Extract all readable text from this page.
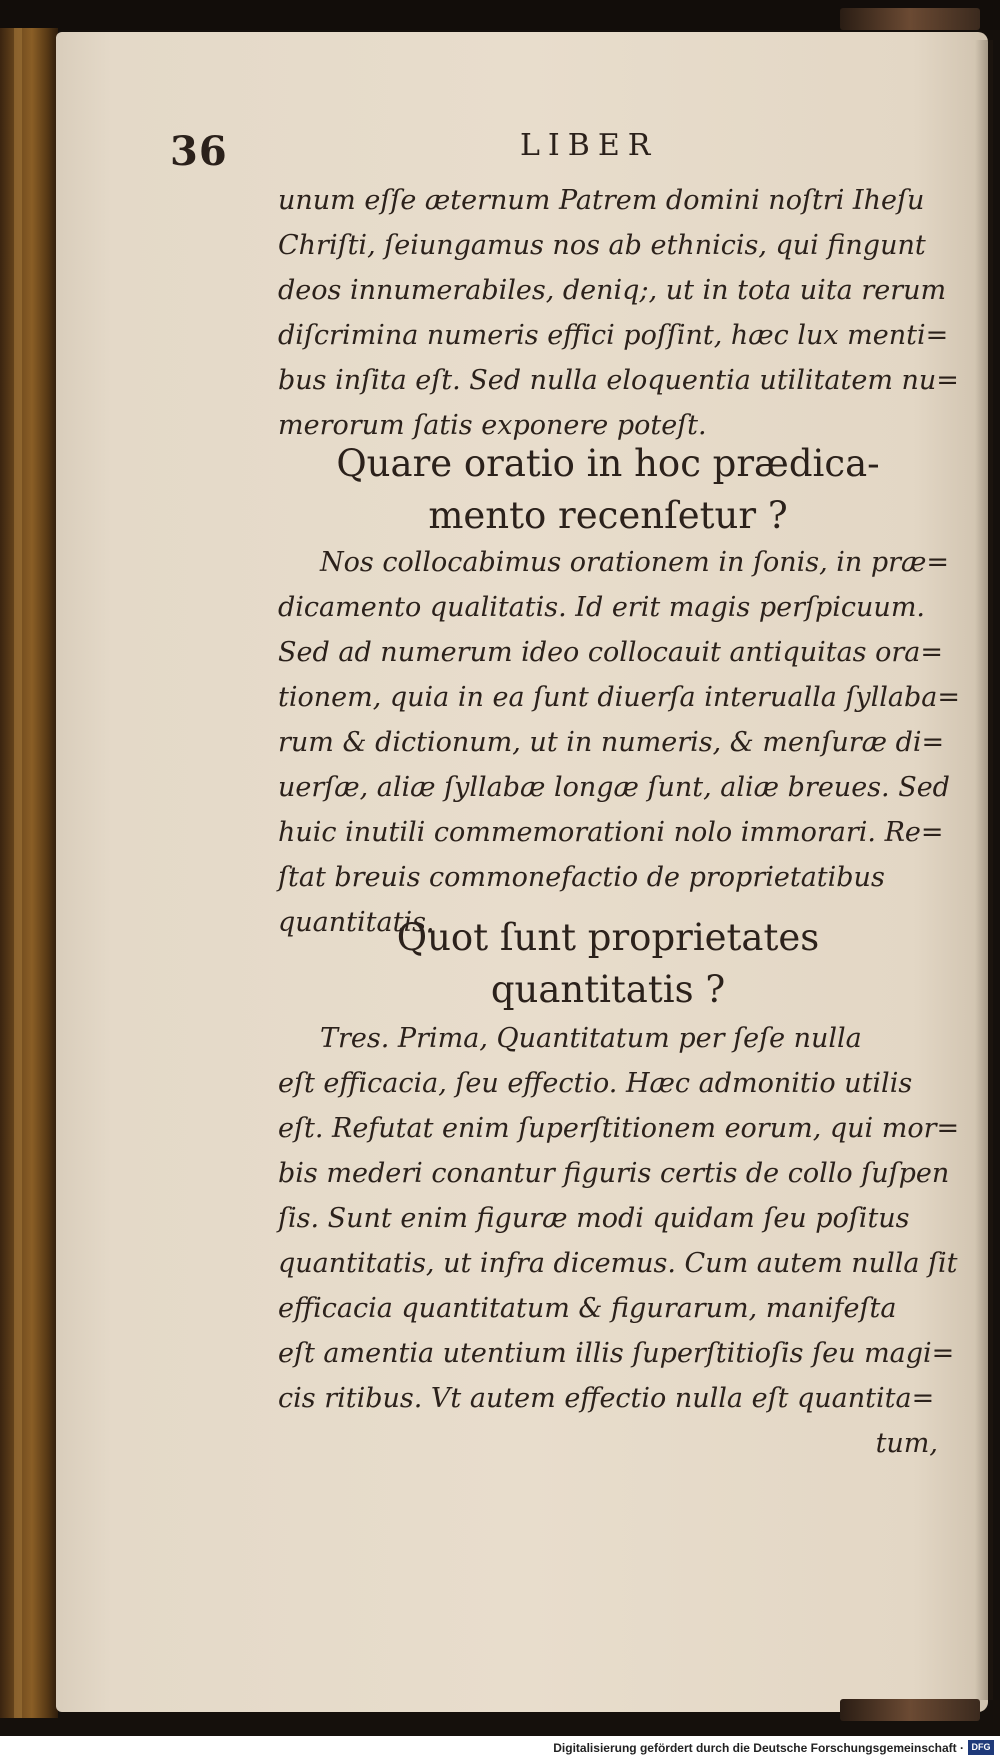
36	LIBER
unum eſſe æternum Patrem domini noſtri Iheſu
Chriſti, ſeiungamus nos ab ethnicis, qui fingunt
deos innumerabiles, deniq;, ut in tota uita rerum
diſcrimina numeris effici poſſint, hæc lux menti=
bus inſita eſt. Sed nulla eloquentia utilitatem nu=
merorum ſatis exponere poteſt.
Quare oratio in hoc prædica-
mento recenſetur ?
Nos collocabimus orationem in ſonis, in præ=
dicamento qualitatis. Id erit magis perſpicuum.
Sed ad numerum ideo collocauit antiquitas ora=
tionem, quia in ea ſunt diuerſa interualla ſyllaba=
rum & dictionum, ut in numeris, & menſuræ di=
uerſæ, aliæ ſyllabæ longæ ſunt, aliæ breues. Sed
huic inutili commemorationi nolo immorari. Re=
ſtat breuis commonefactio de proprietatibus
quantitatis.
Quot ſunt proprietates
quantitatis ?
Tres. Prima, Quantitatum per ſeſe nulla
eſt efficacia, ſeu effectio. Hæc admonitio utilis
eſt. Refutat enim ſuperſtitionem eorum, qui mor=
bis mederi conantur figuris certis de collo ſuſpen
ſis. Sunt enim figuræ modi quidam ſeu poſitus
quantitatis, ut infra dicemus. Cum autem nulla ſit
efficacia quantitatum & figurarum, manifeſta
eſt amentia utentium illis ſuperſtitioſis ſeu magi=
cis ritibus. Vt autem effectio nulla eſt quantita=
tum,
Digitalisierung gefördert durch die Deutsche Forschungsgemeinschaft · DFG
